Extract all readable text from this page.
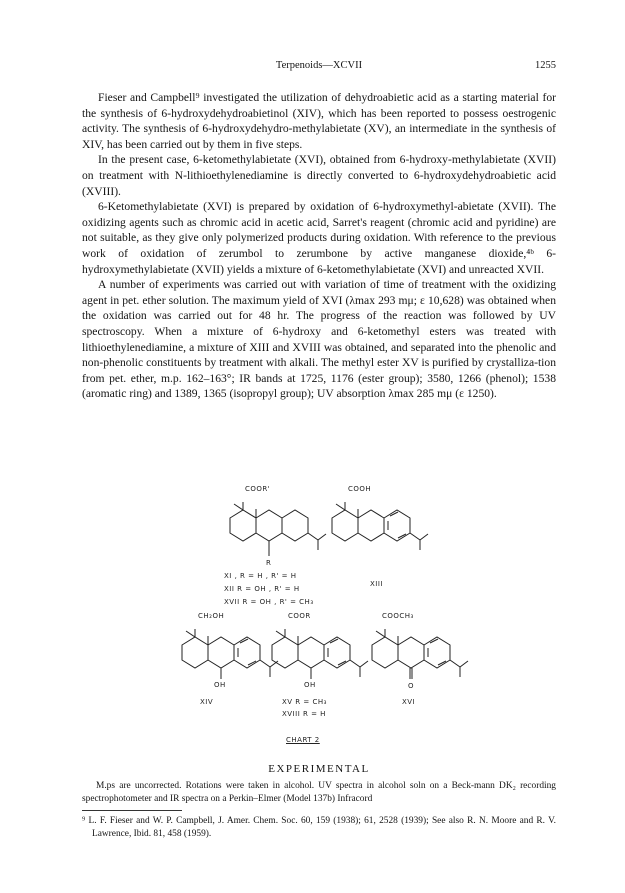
Terpenoids—XCVII	1255

Fieser and Campbell⁹ investigated the utilization of dehydroabietic acid as a starting material for the synthesis of 6-hydroxydehydroabietinol (XIV), which has been reported to possess oestrogenic activity. The synthesis of 6-hydroxydehydro-methylabietate (XV), an intermediate in the synthesis of XIV, has been carried out by them in five steps.

In the present case, 6-ketomethylabietate (XVI), obtained from 6-hydroxy-methylabietate (XVII) on treatment with N-lithioethylenediamine is directly converted to 6-hydroxydehydroabietic acid (XVIII).

6-Ketomethylabietate (XVI) is prepared by oxidation of 6-hydroxymethyl-abietate (XVII). The oxidizing agents such as chromic acid in acetic acid, Sarret's reagent (chromic acid and pyridine) are not suitable, as they give only polymerized products during oxidation. With reference to the previous work of oxidation of zerumbol to zerumbone by active manganese dioxide,⁴ᵇ 6-hydroxymethylabietate (XVII) yields a mixture of 6-ketomethylabietate (XVI) and unreacted XVII.

A number of experiments was carried out with variation of time of treatment with the oxidizing agent in pet. ether solution. The maximum yield of XVI (λmax 293 mμ; ε 10,628) was obtained when the oxidation was carried out for 48 hr. The progress of the reaction was followed by UV spectroscopy. When a mixture of 6-hydroxy and 6-ketomethyl esters was treated with lithioethylenediamine, a mixture of XIII and XVIII was obtained, and separated into the phenolic and non-phenolic constituents by treatment with alkali. The methyl ester XV is purified by crystalliza-tion from pet. ether, m.p. 162–163°; IR bands at 1725, 1176 (ester group); 3580, 1266 (phenol); 1538 (aromatic ring) and 1389, 1365 (isopropyl group); UV absorption λmax 285 mμ (ε 1250).

COOR'
R
XI , R = H , R' = H
XII R = OH , R' = H
XVII R = OH , R' = CH₃
COOH
XIII
CH₂OH
OH
XIV
COOR
OH
XV R = CH₃
XVIII R = H
COOCH₃
O
XVI
CHART 2
EXPERIMENTAL

M.ps are uncorrected. Rotations were taken in alcohol. UV spectra in alcohol soln on a Beck-mann DK₂ recording spectrophotometer and IR spectra on a Perkin–Elmer (Model 137b) Infracord

⁹ L. F. Fieser and W. P. Campbell, J. Amer. Chem. Soc. 60, 159 (1938); 61, 2528 (1939); See also R. N. Moore and R. V. Lawrence, Ibid. 81, 458 (1959).
